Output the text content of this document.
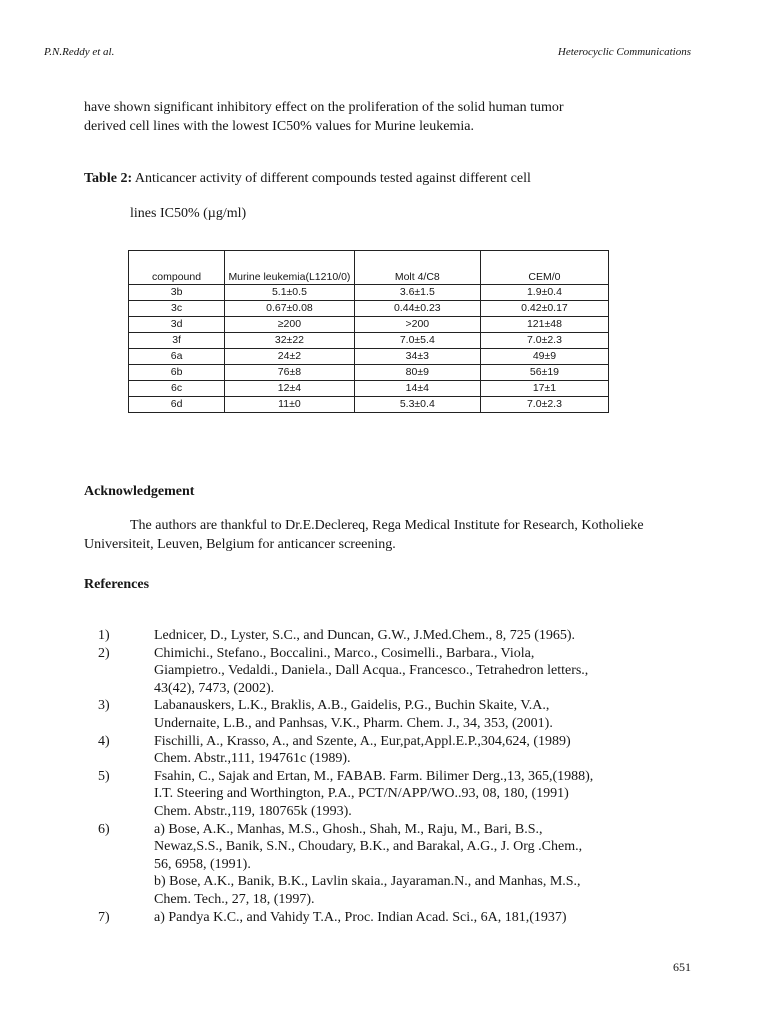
P.N.Reddy et al.	Heterocyclic Communications
have shown significant inhibitory effect on the proliferation of the solid human tumor
derived cell lines with the lowest IC50% values for Murine leukemia.
Table 2: Anticancer activity of different compounds tested against different cell
lines IC50% (µg/ml)
compound	Murine leukemia(L1210/0)	Molt 4/C8	CEM/0
3b	5.1±0.5	3.6±1.5	1.9±0.4
3c	0.67±0.08	0.44±0.23	0.42±0.17
3d	≥200	>200	121±48
3f	32±22	7.0±5.4	7.0±2.3
6a	24±2	34±3	49±9
6b	76±8	80±9	56±19
6c	12±4	14±4	17±1
6d	11±0	5.3±0.4	7.0±2.3
Acknowledgement
The authors are thankful to Dr.E.Declereq, Rega Medical Institute for Research, Kotholieke Universiteit, Leuven, Belgium for anticancer screening.
References
1)	Lednicer, D., Lyster, S.C., and Duncan, G.W., J.Med.Chem., 8, 725 (1965).
2)	Chimichi., Stefano., Boccalini., Marco., Cosimelli., Barbara., Viola,
Giampietro., Vedaldi., Daniela., Dall Acqua., Francesco., Tetrahedron letters.,
43(42), 7473, (2002).
3)	Labanauskers, L.K., Braklis, A.B., Gaidelis, P.G., Buchin Skaite, V.A.,
Undernaite, L.B., and Panhsas, V.K., Pharm. Chem. J., 34, 353, (2001).
4)	Fischilli, A., Krasso, A., and Szente, A., Eur,pat,Appl.E.P.,304,624, (1989)
Chem. Abstr.,111, 194761c (1989).
5)	Fsahin, C., Sajak and Ertan, M., FABAB. Farm. Bilimer Derg.,13, 365,(1988),
I.T. Steering and Worthington, P.A., PCT/N/APP/WO..93, 08, 180, (1991)
Chem. Abstr.,119, 180765k (1993).
6)	a) Bose, A.K., Manhas, M.S., Ghosh., Shah, M., Raju, M., Bari, B.S.,
Newaz,S.S., Banik, S.N., Choudary, B.K., and Barakal, A.G., J. Org .Chem.,
56, 6958, (1991).
b) Bose, A.K., Banik, B.K., Lavlin skaia., Jayaraman.N., and Manhas, M.S.,
Chem. Tech., 27, 18, (1997).
7)	a) Pandya K.C., and Vahidy T.A., Proc. Indian Acad. Sci., 6A, 181,(1937)
651
